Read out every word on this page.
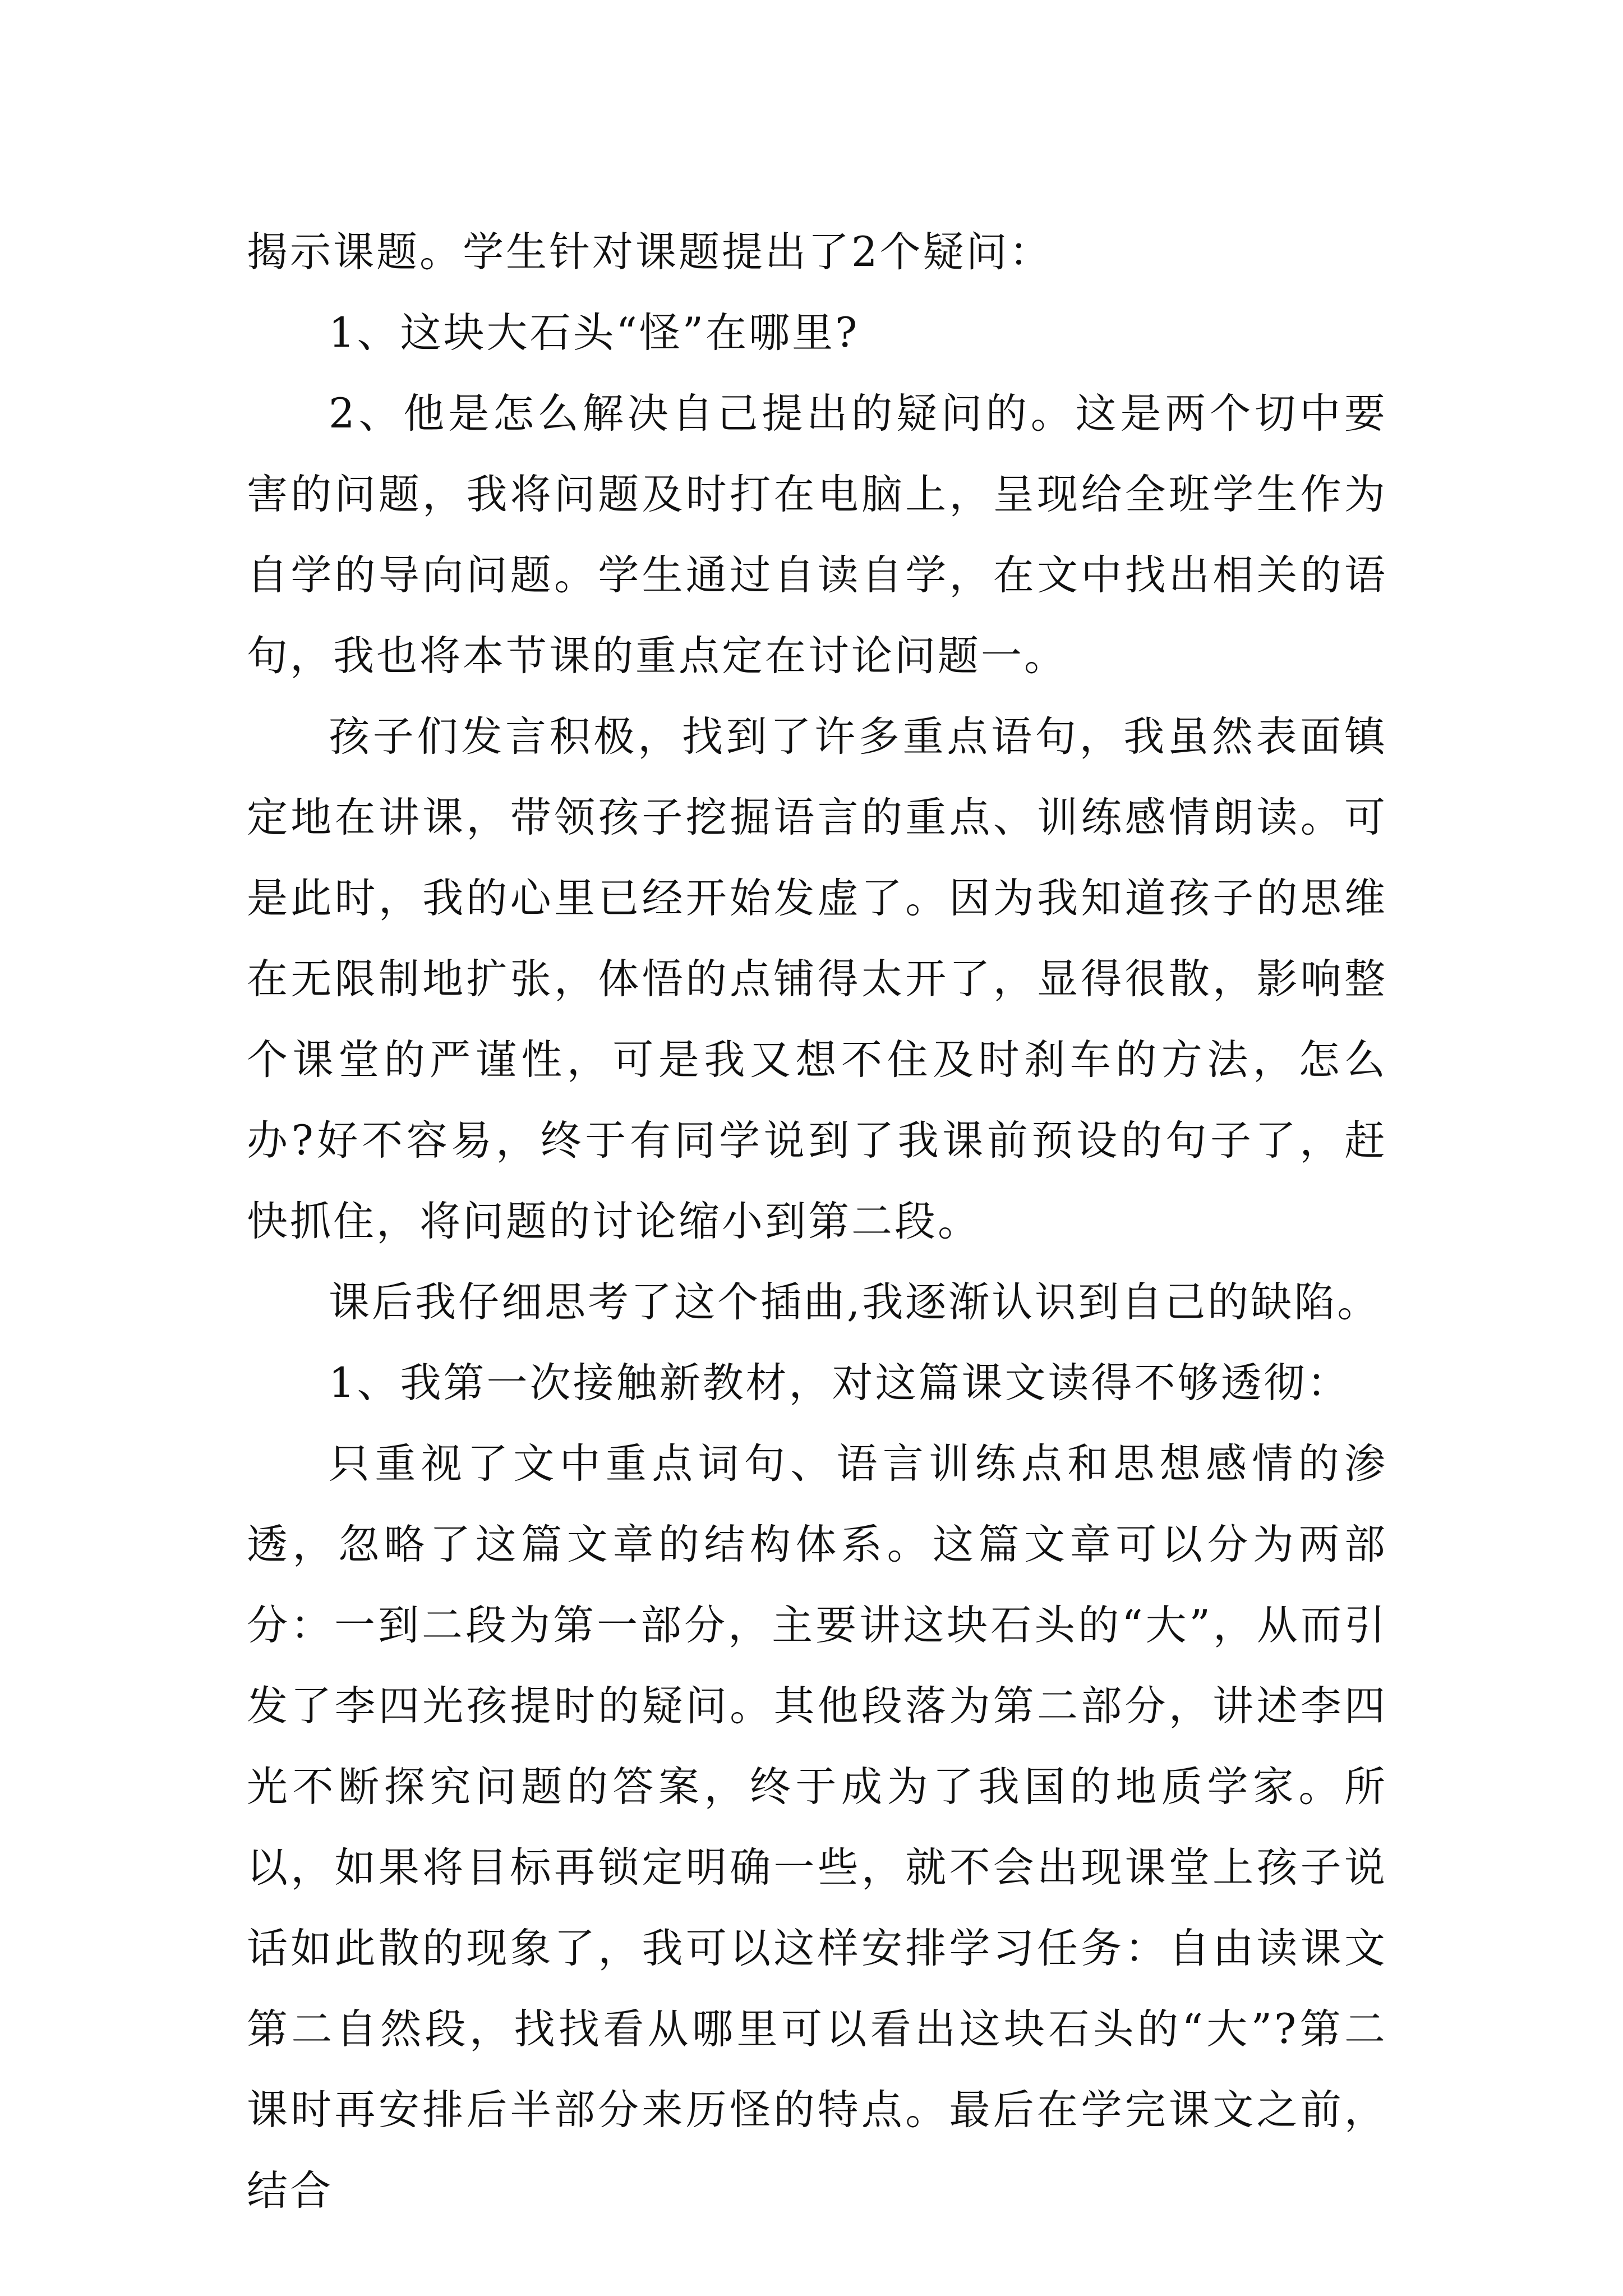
揭示课题。学生针对课题提出了2个疑问：

1、这块大石头“怪”在哪里?

2、他是怎么解决自己提出的疑问的。这是两个切中要害的问题，我将问题及时打在电脑上，呈现给全班学生作为自学的导向问题。学生通过自读自学，在文中找出相关的语句，我也将本节课的重点定在讨论问题一。

孩子们发言积极，找到了许多重点语句，我虽然表面镇定地在讲课，带领孩子挖掘语言的重点、训练感情朗读。可是此时，我的心里已经开始发虚了。因为我知道孩子的思维在无限制地扩张，体悟的点铺得太开了，显得很散，影响整个课堂的严谨性，可是我又想不住及时刹车的方法，怎么办?好不容易，终于有同学说到了我课前预设的句子了，赶快抓住，将问题的讨论缩小到第二段。

课后我仔细思考了这个插曲,我逐渐认识到自己的缺陷。

1、我第一次接触新教材，对这篇课文读得不够透彻：

只重视了文中重点词句、语言训练点和思想感情的渗透，忽略了这篇文章的结构体系。这篇文章可以分为两部分：一到二段为第一部分，主要讲这块石头的“大”，从而引发了李四光孩提时的疑问。其他段落为第二部分，讲述李四光不断探究问题的答案，终于成为了我国的地质学家。所以，如果将目标再锁定明确一些，就不会出现课堂上孩子说话如此散的现象了，我可以这样安排学习任务：自由读课文第二自然段，找找看从哪里可以看出这块石头的“大”?第二课时再安排后半部分来历怪的特点。最后在学完课文之前，结合
